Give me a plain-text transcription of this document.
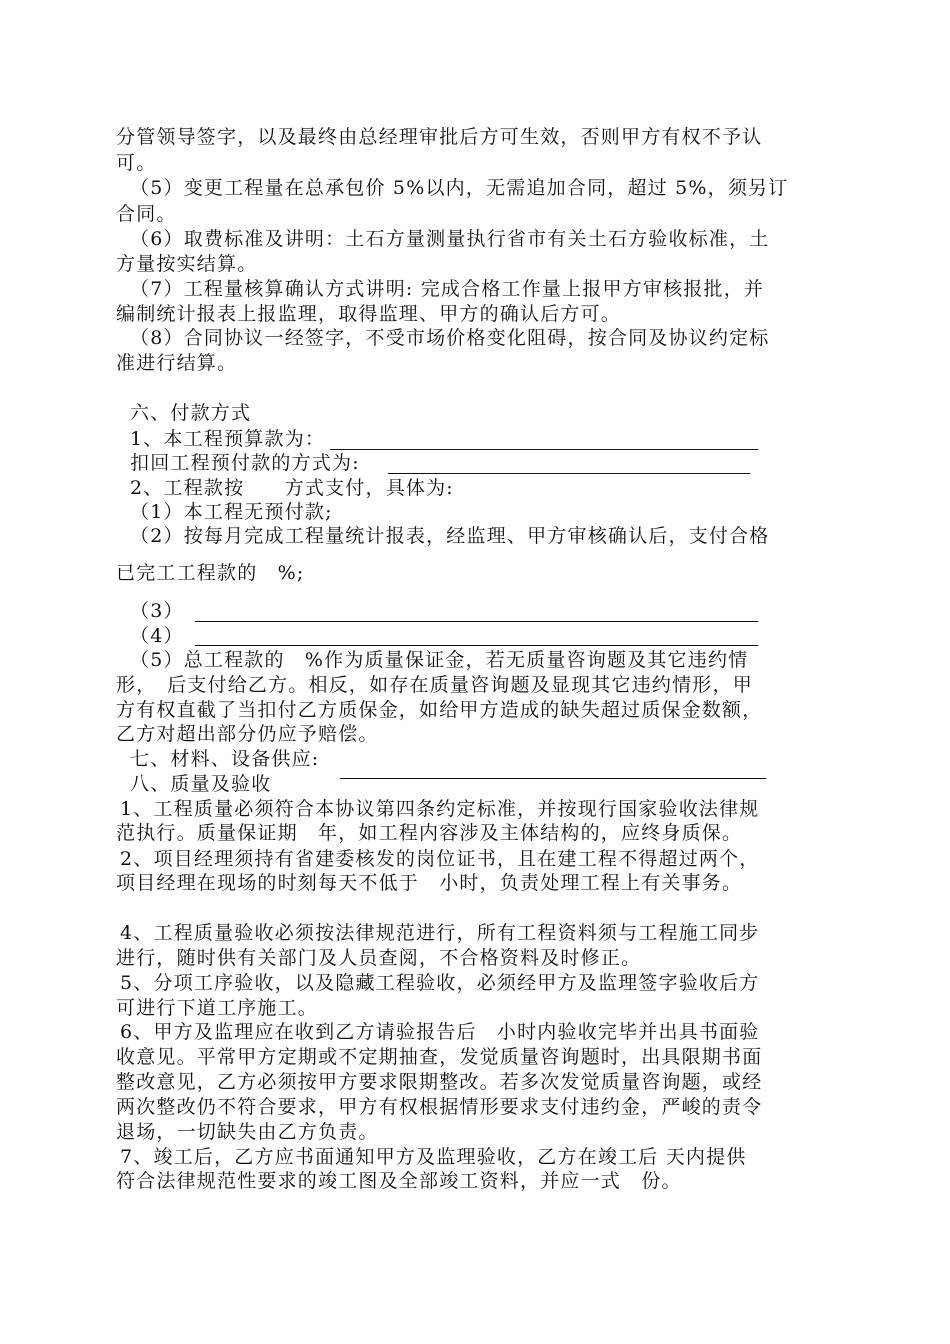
分管领导签字，以及最终由总经理审批后方可生效，否则甲方有权不予认
可。
（5）变更工程量在总承包价 5%以内，无需追加合同，超过 5%，须另订
合同。
（6）取费标准及讲明：土石方量测量执行省市有关土石方验收标准，土
方量按实结算。
（7）工程量核算确认方式讲明: 完成合格工作量上报甲方审核报批，并
编制统计报表上报监理，取得监理、甲方的确认后方可。
（8）合同协议一经签字，不受市场价格变化阻碍，按合同及协议约定标
准进行结算。
六、付款方式
1、本工程预算款为：
扣回工程预付款的方式为:
2、工程款按　　方式支付，具体为:
（1）本工程无预付款;
（2）按每月完成工程量统计报表，经监理、甲方审核确认后，支付合格
已完工工程款的　%;
（3）
（4）
（5）总工程款的　%作为质量保证金，若无质量咨询题及其它违约情
形，　后支付给乙方。相反，如存在质量咨询题及显现其它违约情形，甲
方有权直截了当扣付乙方质保金，如给甲方造成的缺失超过质保金数额，
乙方对超出部分仍应予赔偿。
七、材料、设备供应:
八、质量及验收
1、工程质量必须符合本协议第四条约定标准，并按现行国家验收法律规
范执行。质量保证期　年，如工程内容涉及主体结构的，应终身质保。
2、项目经理须持有省建委核发的岗位证书，且在建工程不得超过两个，
项目经理在现场的时刻每天不低于　小时，负责处理工程上有关事务。
4、工程质量验收必须按法律规范进行，所有工程资料须与工程施工同步
进行，随时供有关部门及人员查阅，不合格资料及时修正。
5、分项工序验收，以及隐藏工程验收，必须经甲方及监理签字验收后方
可进行下道工序施工。
6、甲方及监理应在收到乙方请验报告后　小时内验收完毕并出具书面验
收意见。平常甲方定期或不定期抽查，发觉质量咨询题时，出具限期书面
整改意见，乙方必须按甲方要求限期整改。若多次发觉质量咨询题，或经
两次整改仍不符合要求，甲方有权根据情形要求支付违约金，严峻的责令
退场，一切缺失由乙方负责。
7、竣工后，乙方应书面通知甲方及监理验收，乙方在竣工后 天内提供
符合法律规范性要求的竣工图及全部竣工资料，并应一式　份。
